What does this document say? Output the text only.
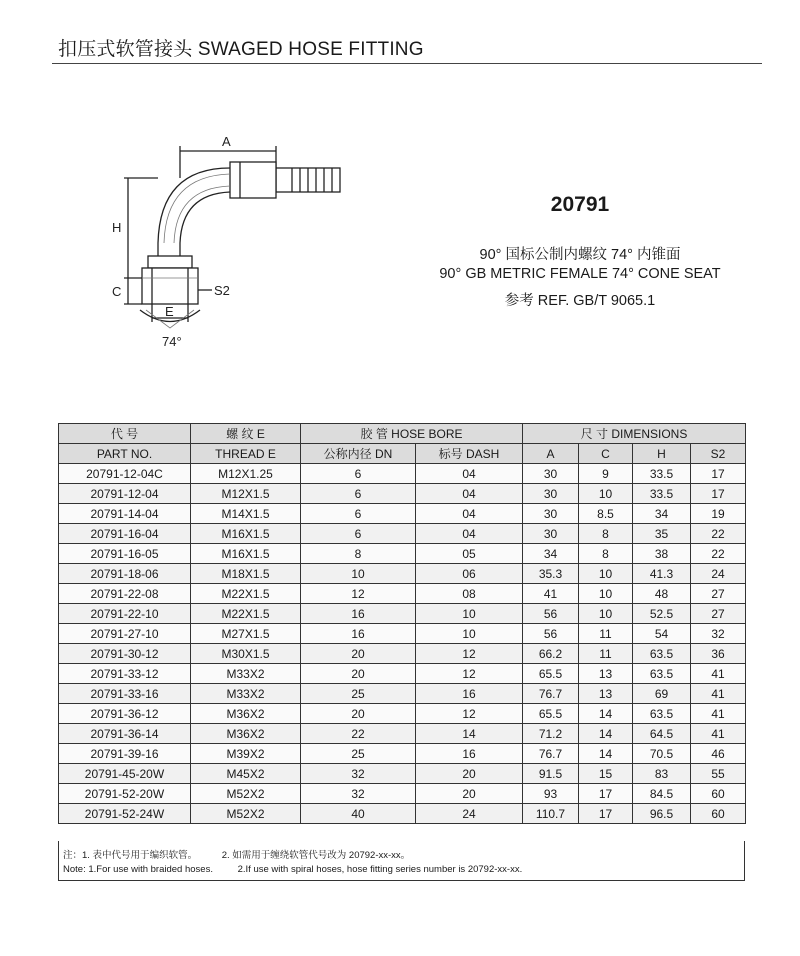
扣压式软管接头 SWAGED HOSE FITTING
A
H
C
E
S2
74°
20791
90° 国标公制内螺纹 74° 内锥面
90° GB METRIC FEMALE 74° CONE SEAT
参考 REF. GB/T 9065.1
代 号	螺 纹 E	胶 管 HOSE BORE		尺 寸 DIMENSIONS			
PART NO.	THREAD E	公称内径 DN	标号 DASH	A	C	H	S2
20791-12-04C	M12X1.25	6	04	30	9	33.5	17
20791-12-04	M12X1.5	6	04	30	10	33.5	17
20791-14-04	M14X1.5	6	04	30	8.5	34	19
20791-16-04	M16X1.5	6	04	30	8	35	22
20791-16-05	M16X1.5	8	05	34	8	38	22
20791-18-06	M18X1.5	10	06	35.3	10	41.3	24
20791-22-08	M22X1.5	12	08	41	10	48	27
20791-22-10	M22X1.5	16	10	56	10	52.5	27
20791-27-10	M27X1.5	16	10	56	11	54	32
20791-30-12	M30X1.5	20	12	66.2	11	63.5	36
20791-33-12	M33X2	20	12	65.5	13	63.5	41
20791-33-16	M33X2	25	16	76.7	13	69	41
20791-36-12	M36X2	20	12	65.5	14	63.5	41
20791-36-14	M36X2	22	14	71.2	14	64.5	41
20791-39-16	M39X2	25	16	76.7	14	70.5	46
20791-45-20W	M45X2	32	20	91.5	15	83	55
20791-52-20W	M52X2	32	20	93	17	84.5	60
20791-52-24W	M52X2	40	24	110.7	17	96.5	60
注：1. 表中代号用于编织软管。	2. 如需用于缠绕软管代号改为 20792-xx-xx。
Note: 1.For use with braided hoses.	2.If use with spiral hoses, hose fitting series number is 20792-xx-xx.
